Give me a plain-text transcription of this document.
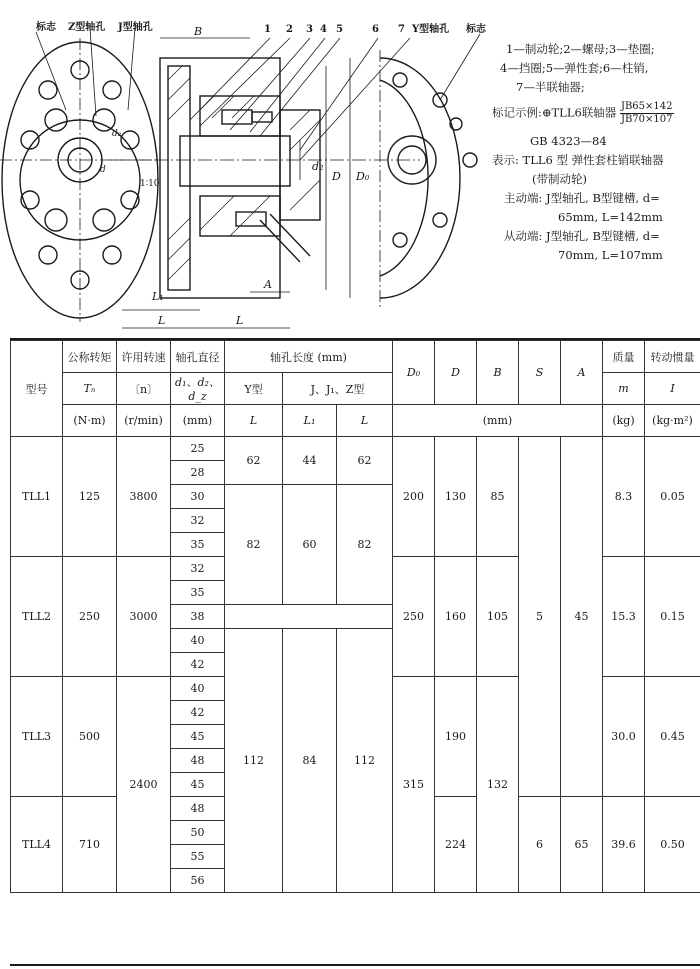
标志 Z型轴孔 J型轴孔	1 2 3 4 5	6 7 Y型轴孔 标志
B
d₂
D D₀
L₁
L	L
A
1∶10
d
d₂
1—制动轮;2—螺母;3—垫圈;
4—挡圈;5—弹性套;6—柱销,
7—半联轴器;
标记示例:⊕TLL6联轴器 $\frac{JB65\times 142}{JB70\times 107}$
GB 4323—84
表示: TLL6 型 弹性套柱销联轴器
(带制动轮)
主动端: J型轴孔, B型键槽, d=
65mm, L=142mm
从动端: J型轴孔, B型键槽, d=
70mm, L=107mm
型号	公称转矩	许用转速	轴孔直径	轴孔长度 (mm)			D₀	D	B	S	A	质量	转动惯量
	Tₙ	〔n〕	d₁、d₂、d_z	Y型	J、J₁、Z型							m	I
	(N·m)	(r/min)	(mm)	L	L₁	L	(mm)					(kg)	(kg·m²)
TLL1	125	3800	25	62	44	62	200	130	85	5	45	8.3	0.05
			28										
			30	82	60	82							
			32										
			35										
TLL2	250	3000	32				250	160	105			15.3	0.15
			35										
			38										
			40	112	84	112							
			42										
TLL3	500	2400	40				315	190	132			30.0	0.45
			42										
			45										
			48										
			45										
TLL4	710		48					224		6	65	39.6	0.50
			50										
			55										
			56										
